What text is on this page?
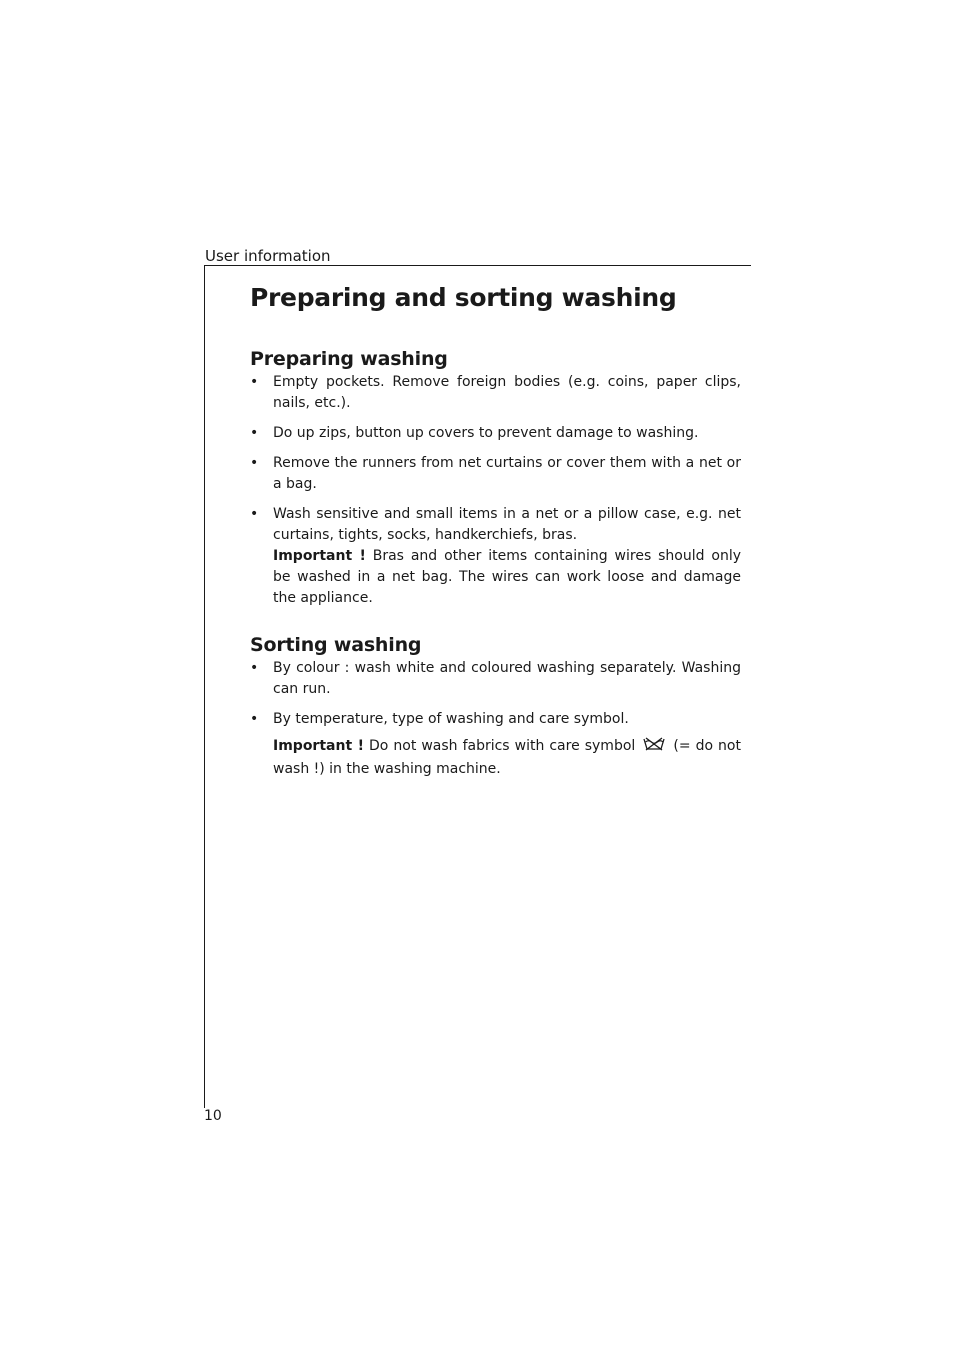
User information
10
Preparing and sorting washing
Preparing washing
• Empty pockets. Remove foreign bodies (e.g. coins, paper clips, nails, etc.).
• Do up zips, button up covers to prevent damage to washing.
• Remove the runners from net curtains or cover them with a net or a bag.
• Wash sensitive and small items in a net or a pillow case, e.g. net curtains, tights, socks, handkerchiefs, bras.
Important ! Bras and other items containing wires should only be washed in a net bag. The wires can work loose and damage the appliance.
Sorting washing
• By colour : wash white and coloured washing separately. Washing can run.
• By temperature, type of washing and care symbol.

Important ! Do not wash fabrics with care symbol  (= do not wash !) in the washing machine.
